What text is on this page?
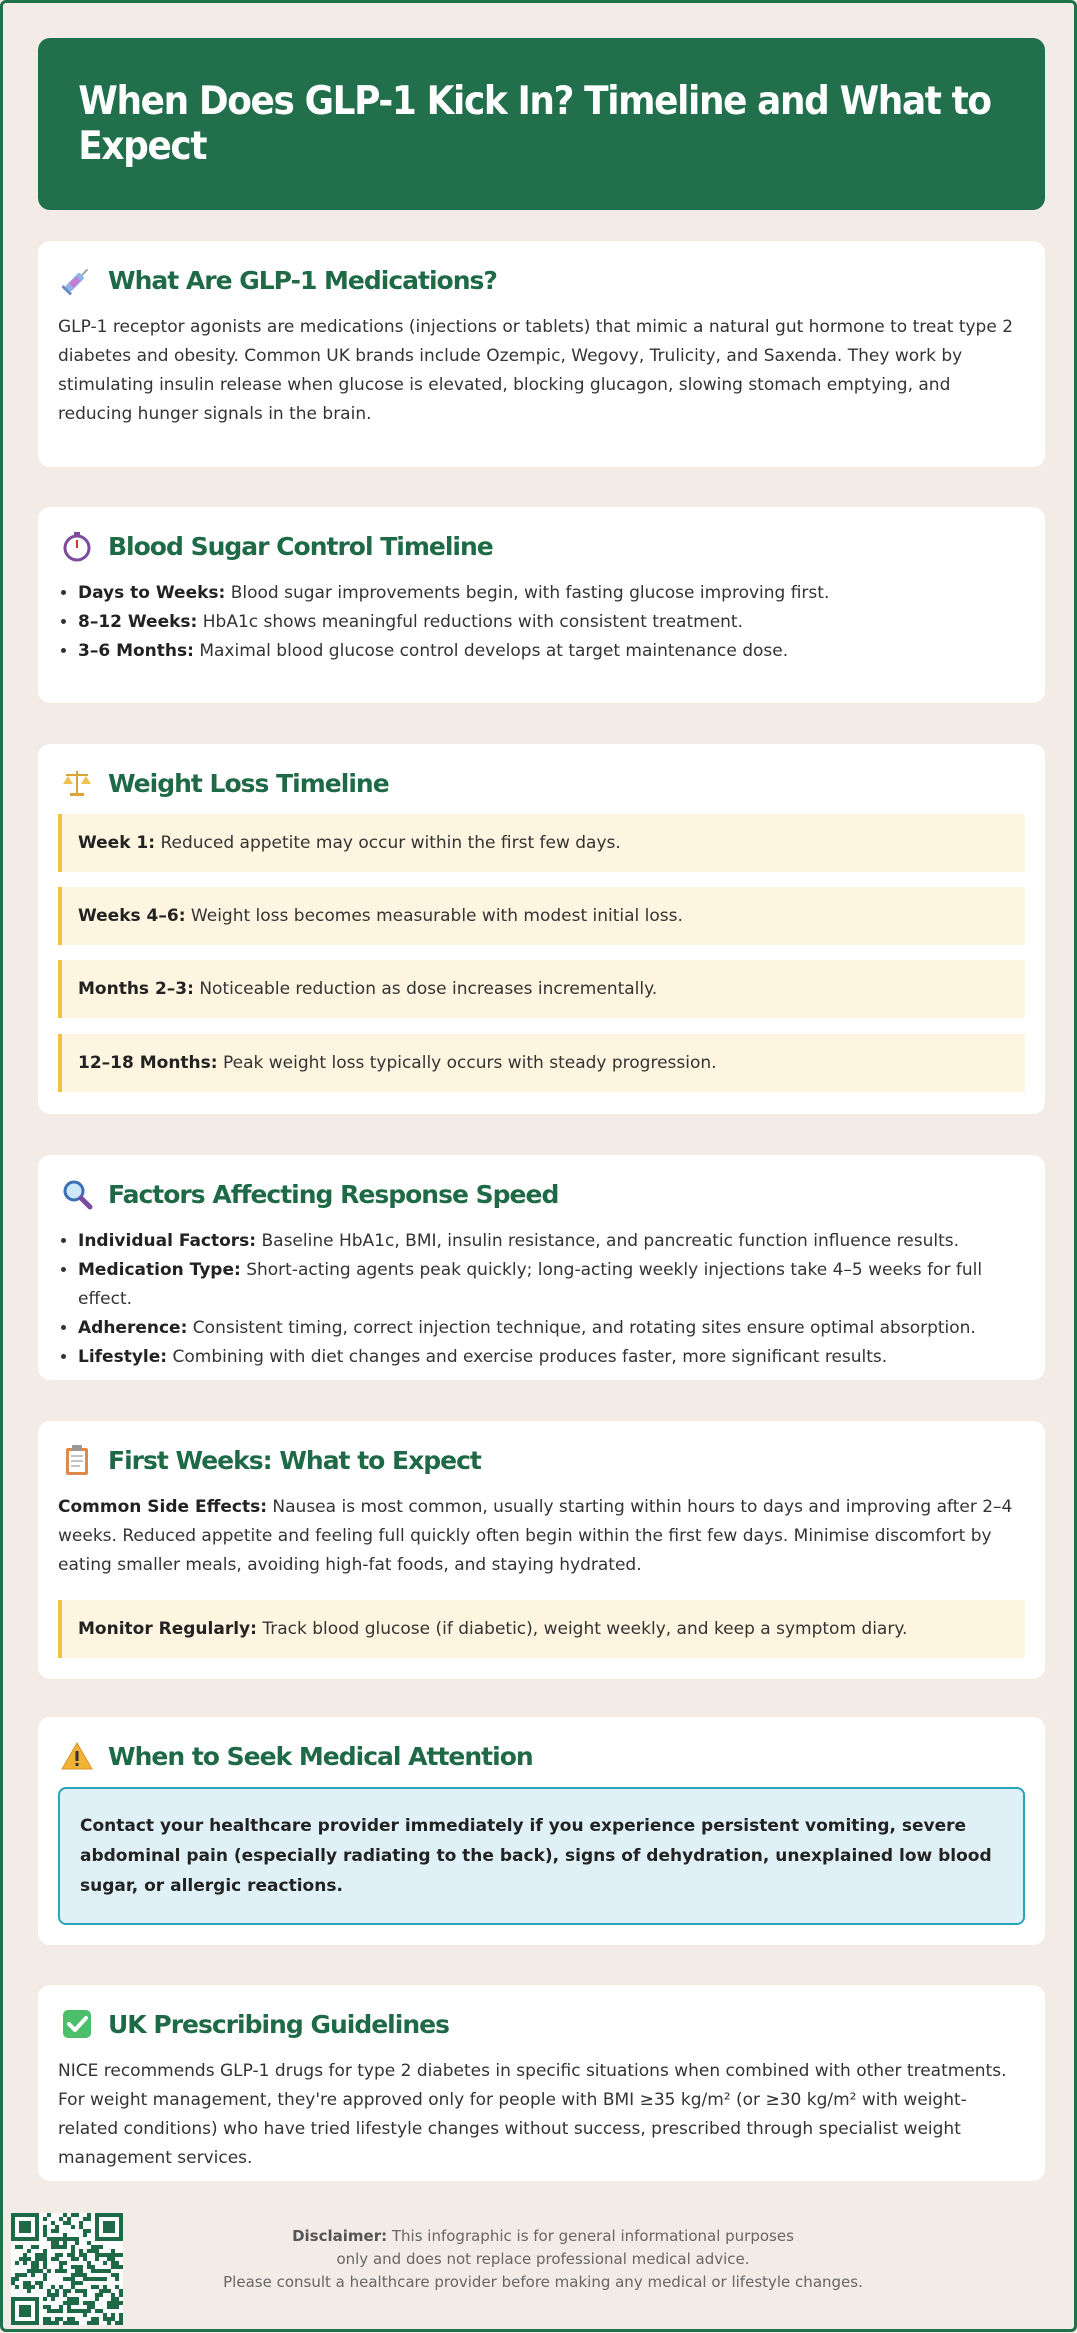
When Does GLP-1 Kick In? Timeline and What to Expect
What Are GLP-1 Medications?
GLP-1 receptor agonists are medications (injections or tablets) that mimic a natural gut hormone to treat type 2 diabetes and obesity. Common UK brands include Ozempic, Wegovy, Trulicity, and Saxenda. They work by stimulating insulin release when glucose is elevated, blocking glucagon, slowing stomach emptying, and reducing hunger signals in the brain.
Blood Sugar Control Timeline
• Days to Weeks: Blood sugar improvements begin, with fasting glucose improving first.
• 8–12 Weeks: HbA1c shows meaningful reductions with consistent treatment.
• 3–6 Months: Maximal blood glucose control develops at target maintenance dose.
Weight Loss Timeline
Week 1: Reduced appetite may occur within the first few days.
Weeks 4–6: Weight loss becomes measurable with modest initial loss.
Months 2–3: Noticeable reduction as dose increases incrementally.
12–18 Months: Peak weight loss typically occurs with steady progression.
Factors Affecting Response Speed
• Individual Factors: Baseline HbA1c, BMI, insulin resistance, and pancreatic function influence results.
• Medication Type: Short-acting agents peak quickly; long-acting weekly injections take 4–5 weeks for full effect.
• Adherence: Consistent timing, correct injection technique, and rotating sites ensure optimal absorption.
• Lifestyle: Combining with diet changes and exercise produces faster, more significant results.
First Weeks: What to Expect
Common Side Effects: Nausea is most common, usually starting within hours to days and improving after 2–4 weeks. Reduced appetite and feeling full quickly often begin within the first few days. Minimise discomfort by eating smaller meals, avoiding high-fat foods, and staying hydrated.
Monitor Regularly: Track blood glucose (if diabetic), weight weekly, and keep a symptom diary.
When to Seek Medical Attention
Contact your healthcare provider immediately if you experience persistent vomiting, severe abdominal pain (especially radiating to the back), signs of dehydration, unexplained low blood sugar, or allergic reactions.
UK Prescribing Guidelines
NICE recommends GLP-1 drugs for type 2 diabetes in specific situations when combined with other treatments. For weight management, they're approved only for people with BMI ≥35 kg/m² (or ≥30 kg/m² with weight-related conditions) who have tried lifestyle changes without success, prescribed through specialist weight management services.
Disclaimer: This infographic is for general informational purposes
only and does not replace professional medical advice.
Please consult a healthcare provider before making any medical or lifestyle changes.
